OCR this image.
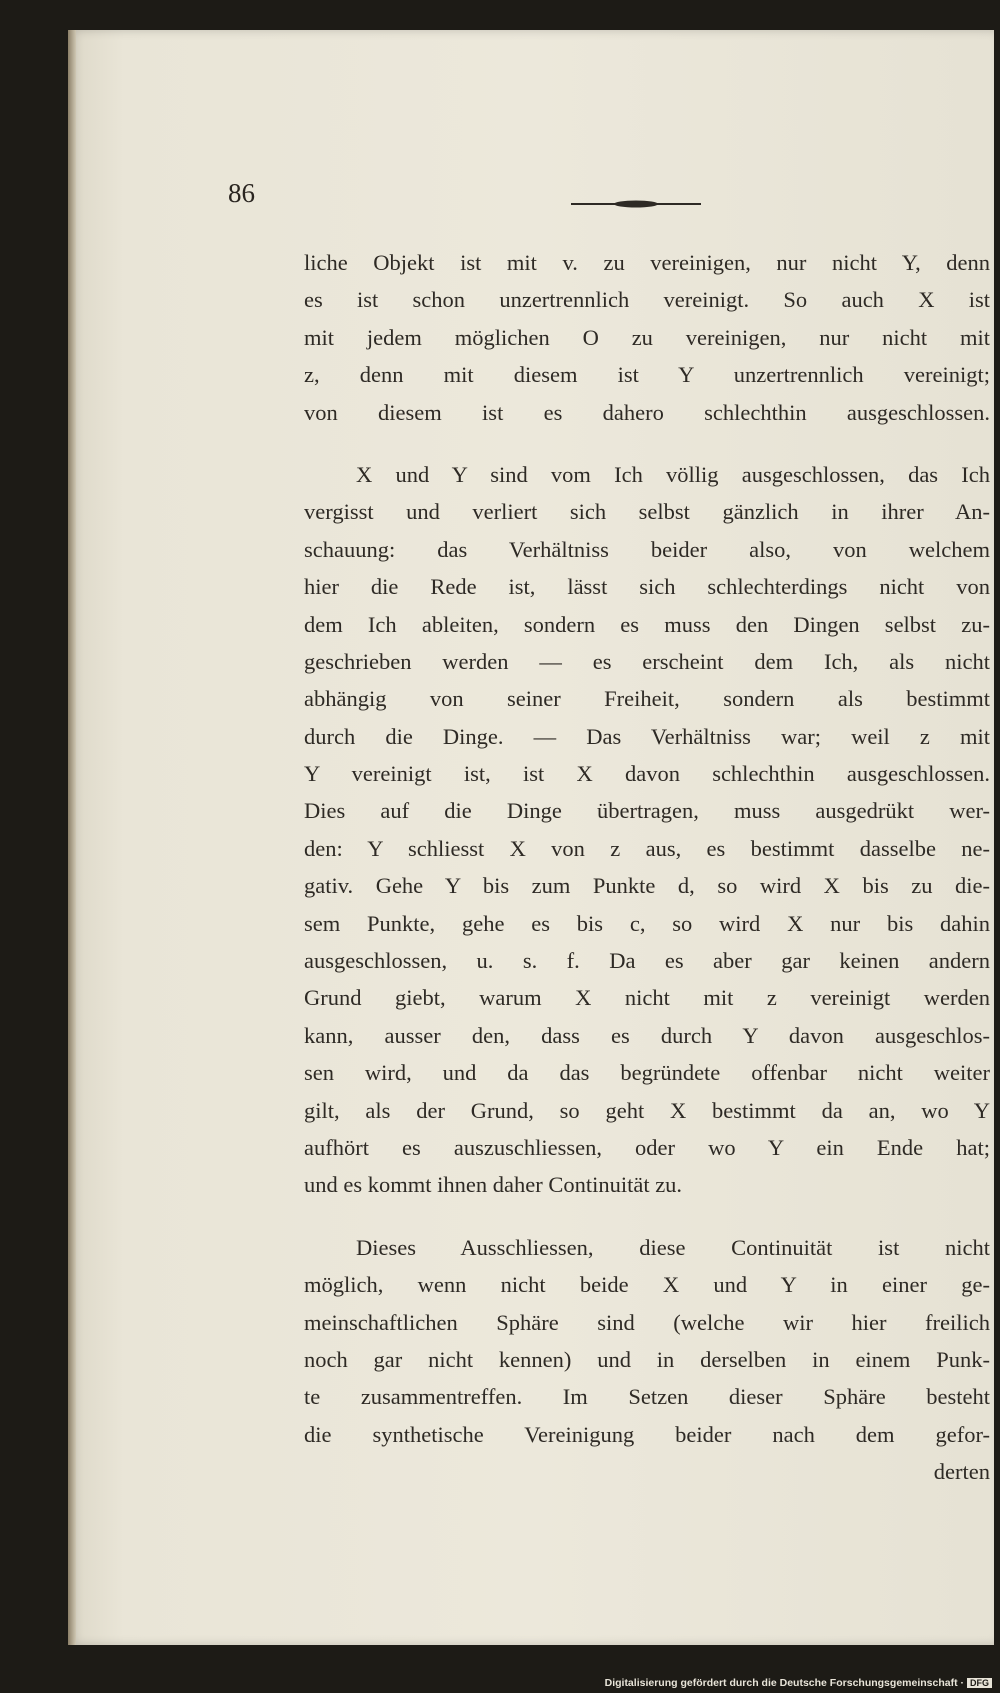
86
liche Objekt ist mit v. zu vereinigen, nur nicht Y, denn
es ist schon unzertrennlich vereinigt. So auch X ist
mit jedem möglichen O zu vereinigen, nur nicht mit
z, denn mit diesem ist Y unzertrennlich vereinigt;
von diesem ist es dahero schlechthin ausgeschlossen.
X und Y sind vom Ich völlig ausgeschlossen, das Ich
vergisst und verliert sich selbst gänzlich in ihrer An-
schauung: das Verhältniss beider also, von welchem
hier die Rede ist, lässt sich schlechterdings nicht von
dem Ich ableiten, sondern es muss den Dingen selbst zu-
geschrieben werden — es erscheint dem Ich, als nicht
abhängig von seiner Freiheit, sondern als bestimmt
durch die Dinge. — Das Verhältniss war; weil z mit
Y vereinigt ist, ist X davon schlechthin ausgeschlossen.
Dies auf die Dinge übertragen, muss ausgedrükt wer-
den: Y schliesst X von z aus, es bestimmt dasselbe ne-
gativ. Gehe Y bis zum Punkte d, so wird X bis zu die-
sem Punkte, gehe es bis c, so wird X nur bis dahin
ausgeschlossen, u. s. f. Da es aber gar keinen andern
Grund giebt, warum X nicht mit z vereinigt werden
kann, ausser den, dass es durch Y davon ausgeschlos-
sen wird, und da das begründete offenbar nicht weiter
gilt, als der Grund, so geht X bestimmt da an, wo Y
aufhört es auszuschliessen, oder wo Y ein Ende hat;
und es kommt ihnen daher Continuität zu.
Dieses Ausschliessen, diese Continuität ist nicht
möglich, wenn nicht beide X und Y in einer ge-
meinschaftlichen Sphäre sind (welche wir hier freilich
noch gar nicht kennen) und in derselben in einem Punk-
te zusammentreffen. Im Setzen dieser Sphäre besteht
die synthetische Vereinigung beider nach dem gefor-
derten
Digitalisierung gefördert durch die Deutsche Forschungsgemeinschaft · DFG
